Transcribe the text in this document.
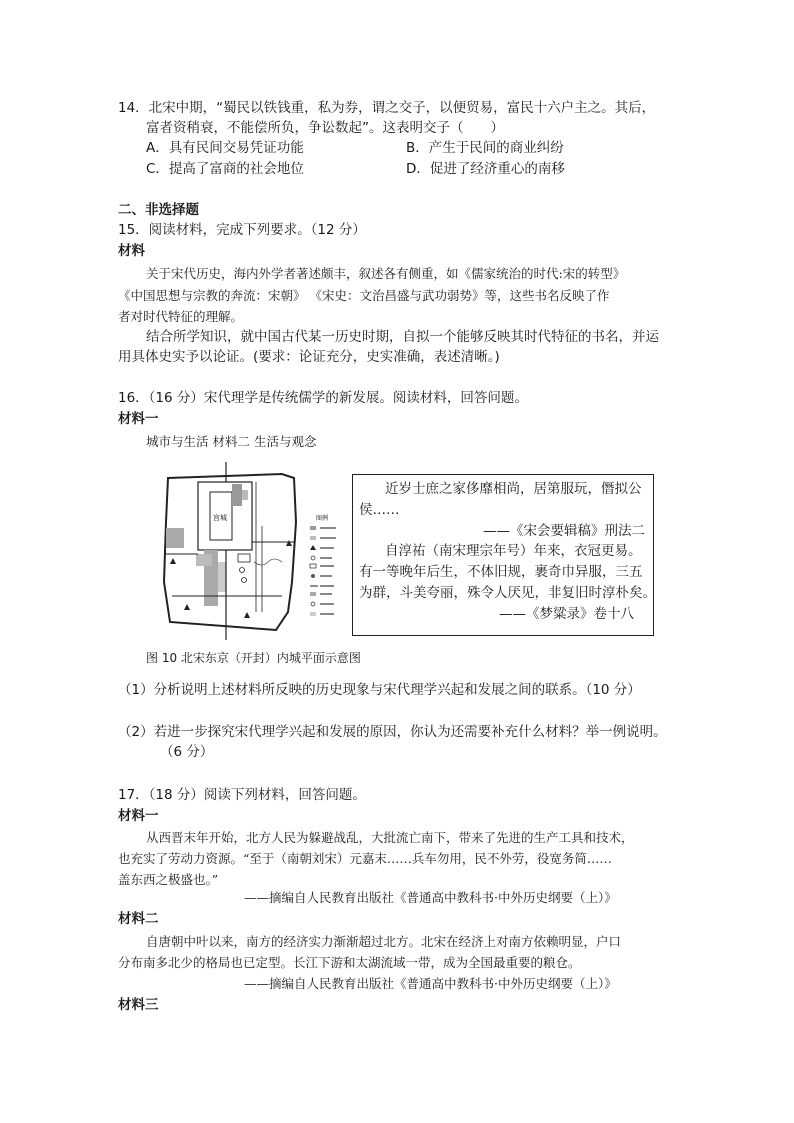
14．北宋中期，“蜀民以铁钱重，私为券，谓之交子，以便贸易，富民十六户主之。其后，
富者资稍衰，不能偿所负，争讼数起”。这表明交子（　　）
A．具有民间交易凭证功能	B．产生于民间的商业纠纷
C．提高了富商的社会地位	D．促进了经济重心的南移
二、非选择题
15．阅读材料，完成下列要求。（12 分）
材料
关于宋代历史，海内外学者著述颇丰，叙述各有侧重，如《儒家统治的时代:宋的转型》
《中国思想与宗教的奔流：宋朝》 《宋史：文治昌盛与武功弱势》等，这些书名反映了作
者对时代特征的理解。
结合所学知识，就中国古代某一历史时期，自拟一个能够反映其时代特征的书名，并运
用具体史实予以论证。(要求：论证充分，史实准确，表述清晰。)
16．（16 分）宋代理学是传统儒学的新发展。阅读材料，回答问题。
材料一
城市与生活 材料二 生活与观念
宫城	图例
近岁士庶之家侈靡相尚，居第服玩，僭拟公
侯……
——《宋会要辑稿》刑法二
自淳祐（南宋理宗年号）年来，衣冠更易。
有一等晚年后生，不体旧规，裹奇巾异服，三五
为群，斗美夸丽，殊令人厌见，非复旧时淳朴矣。
——《梦粱录》卷十八
图 10 北宋东京（开封）内城平面示意图
（1）分析说明上述材料所反映的历史现象与宋代理学兴起和发展之间的联系。（10 分）
（2）若进一步探究宋代理学兴起和发展的原因，你认为还需要补充什么材料？举一例说明。
（6 分）
17．（18 分）阅读下列材料，回答问题。
材料一
从西晋末年开始，北方人民为躲避战乱，大批流亡南下，带来了先进的生产工具和技术，
也充实了劳动力资源。“至于（南朝刘宋）元嘉末……兵车勿用，民不外劳，役宽务简……
盖东西之极盛也。”
——摘编自人民教育出版社《普通高中教科书·中外历史纲要（上）》
材料二
自唐朝中叶以来，南方的经济实力渐渐超过北方。北宋在经济上对南方依赖明显，户口
分布南多北少的格局也已定型。长江下游和太湖流域一带，成为全国最重要的粮仓。
——摘编自人民教育出版社《普通高中教科书·中外历史纲要（上）》
材料三
